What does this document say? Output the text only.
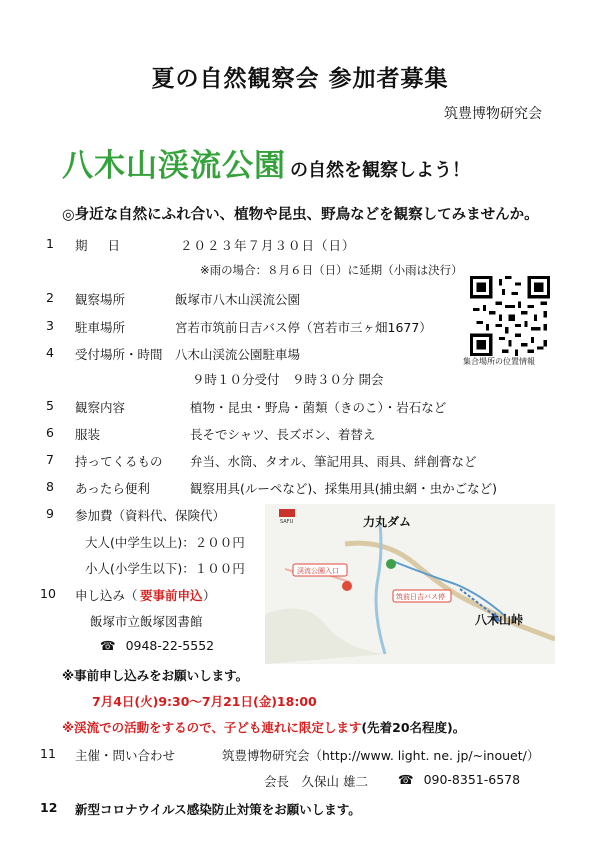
夏の自然観察会 参加者募集
筑豊博物研究会
八木山渓流公園 の自然を観察しよう！
◎身近な自然にふれ合い、植物や昆虫、野鳥などを観察してみませんか。
1 期 日	２０２３年７月３０日（日）
※雨の場合：８月６日（日）に延期（小雨は決行）
2 観察場所	飯塚市八木山渓流公園
3 駐車場所	宮若市筑前日吉バス停（宮若市三ヶ畑1677）
4 受付場所・時間 八木山渓流公園駐車場
９時１０分受付　９時３０分 開会
5 観察内容	植物・昆虫・野鳥・菌類（きのこ）・岩石など
6 服装	長そでシャツ、長ズボン、着替え
7 持ってくるもの 弁当、水筒、タオル、筆記用具、雨具、絆創膏など
8 あったら便利	観察用具(ルーペなど)、採集用具(捕虫網・虫かごなど)
9 参加費（資料代、保険代）
大人(中学生以上)：２００円
小人(小学生以下)：１００円
10 申し込み（ 要事前申込 ）
飯塚市立飯塚図書館
☎ 0948-22-5552
※事前申し込みをお願いします。
7月4日(火)9:30～7月21日(金)18:00
※渓流での活動をするので、子ども連れに限定します(先着20名程度)。
11 主催・問い合わせ	筑豊博物研究会（http://www. light. ne. jp/~inouet/）
会長　久保山 雄二 ☎ 090-8351-6578
12 新型コロナウイルス感染防止対策をお願いします。
集合場所の位置情報
SAFU
渓流公園入口
筑前日吉バス停
力丸ダム
八木山峠
